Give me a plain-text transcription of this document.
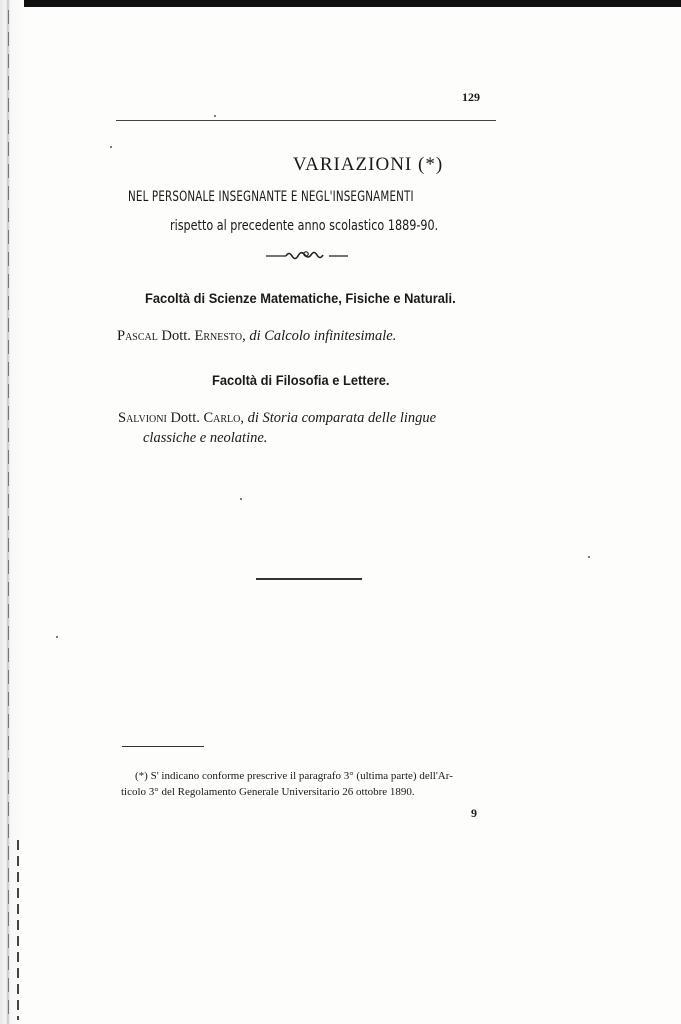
129
VARIAZIONI (*)
NEL PERSONALE INSEGNANTE E NEGL'INSEGNAMENTI
rispetto al precedente anno scolastico 1889-90.
Facoltà di Scienze Matematiche, Fisiche e Naturali.
Pascal Dott. Ernesto, di Calcolo infinitesimale.
Facoltà di Filosofia e Lettere.
Salvioni Dott. Carlo, di Storia comparata delle lingue
classiche e neolatine.
(*) S' indicano conforme prescrive il paragrafo 3° (ultima parte) dell'Ar-
ticolo 3° del Regolamento Generale Universitario 26 ottobre 1890.
9
